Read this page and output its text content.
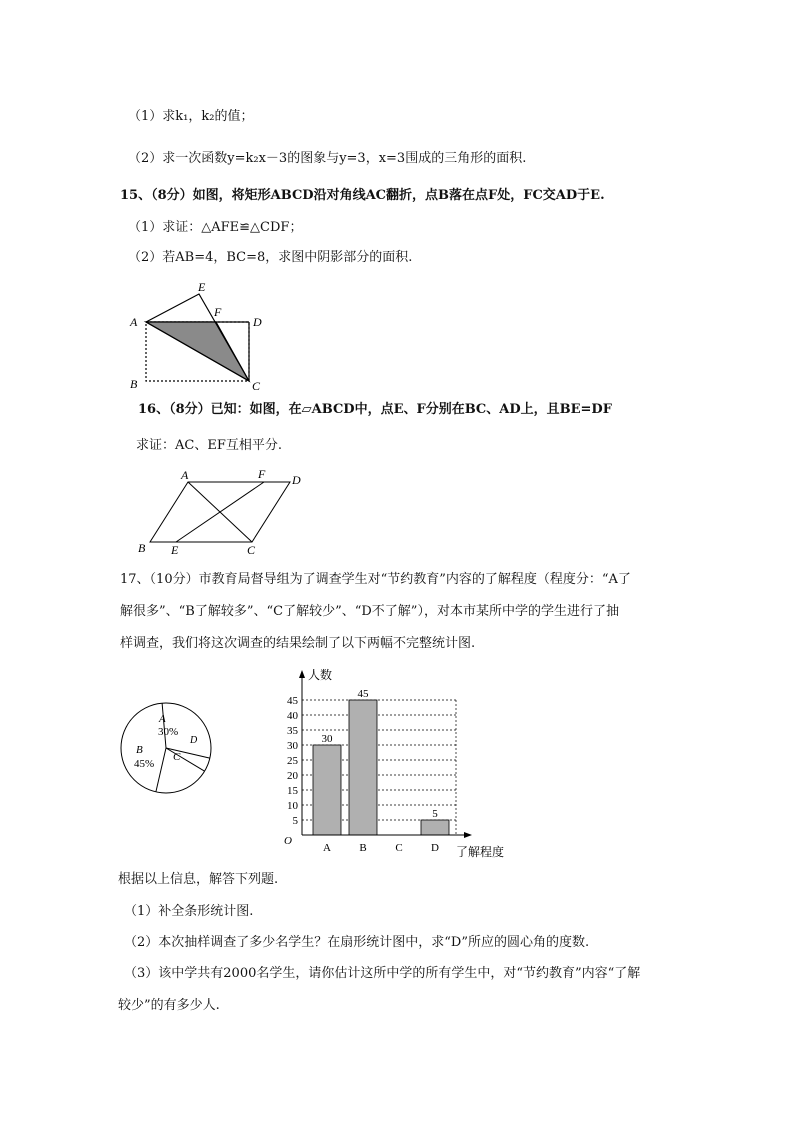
（1）求k₁，k₂的值；
（2）求一次函数y=k₂x－3的图象与y=3，x=3围成的三角形的面积.
15、（8分）如图，将矩形ABCD沿对角线AC翻折，点B落在点F处，FC交AD于E.
（1）求证：△AFE≌△CDF；
（2）若AB=4，BC=8，求图中阴影部分的面积.
E
F
A	D
B	C
16、（8分）已知：如图，在▱ABCD中，点E、F分别在BC、AD上，且BE=DF
求证：AC、EF互相平分.
A	F D
B E	C
17、（10分）市教育局督导组为了调查学生对“节约教育”内容的了解程度（程度分：“A了
解很多”、“B了解较多”、“C了解较少”、“D不了解”），对本市某所中学的学生进行了抽
样调查，我们将这次调查的结果绘制了以下两幅不完整统计图.
A
30%
D
B
45%
C
人数
了解程度
O
5
10
15
20
25
30
35
40
45
30
A
45
B	C
5
D
根据以上信息，解答下列题.
（1）补全条形统计图.
（2）本次抽样调查了多少名学生？在扇形统计图中，求“D”所应的圆心角的度数.
（3）该中学共有2000名学生，请你估计这所中学的所有学生中，对“节约教育”内容“了解
较少”的有多少人.
